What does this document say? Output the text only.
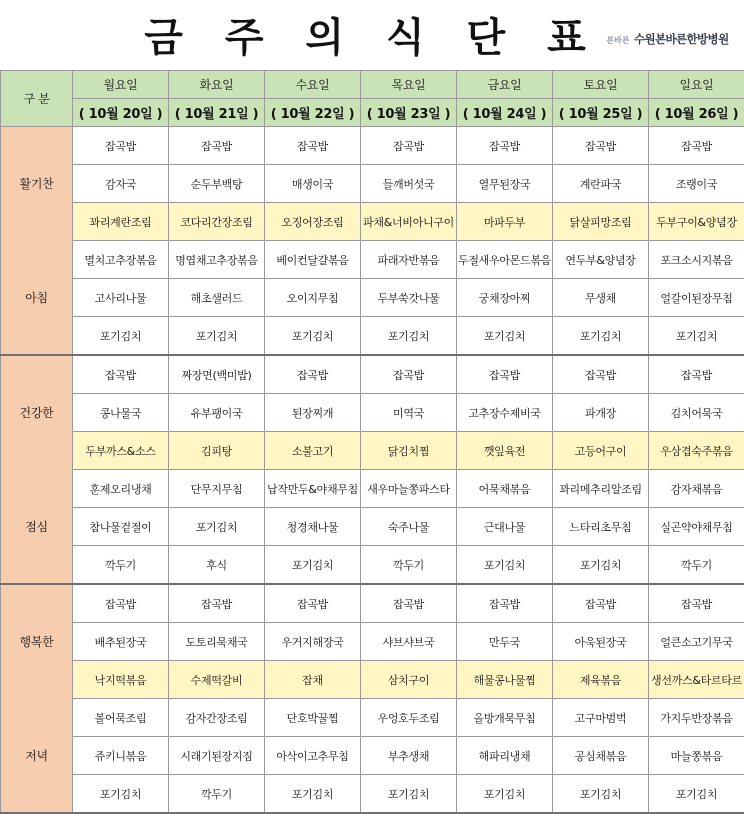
금 주 의 식 단 표 본바른 수원본바른한방병원
구 분	월요일	화요일	수요일	목요일	금요일	토요일	일요일
	( 10월 20일 )	( 10월 21일 )	( 10월 22일 )	( 10월 23일 )	( 10월 24일 )	( 10월 25일 )	( 10월 26일 )

활기찬
아침	잡곡밥	잡곡밥	잡곡밥	잡곡밥	잡곡밥	잡곡밥	잡곡밥
	감자국	순두부백탕	매생이국	들깨버섯국	열무된장국	계란파국	조랭이국
	꽈리계란조림	코다리간장조림	오징어장조림	파채&너비아니구이	마파두부	닭살피망조림	두부구이&양념장
	멸치고추장볶음	명엽채고추장볶음	베이컨달걀볶음	파래자반볶음	두절새우아몬드볶음	연두부&양념장	포크소시지볶음
	고사리나물	해초샐러드	오이지무침	두부쑥갓나물	궁채장아찌	무생채	얼갈이된장무침
	포기김치	포기김치	포기김치	포기김치	포기김치	포기김치	포기김치

건강한
점심	잡곡밥	짜장면(백미밥)	잡곡밥	잡곡밥	잡곡밥	잡곡밥	잡곡밥
	콩나물국	유부팽이국	된장찌개	미역국	고추장수제비국	파개장	김치어묵국
	두부까스&소스	김피탕	소불고기	닭김치찜	깻잎육전	고등어구이	우삼겹숙주볶음
	훈제오리냉채	단무지무침	납작만두&야채무침	새우마늘쫑파스타	어묵채볶음	꽈리메추리알조림	감자채볶음
	참나물겉절이	포기김치	청경채나물	숙주나물	근대나물	느타리초무침	실곤약야채무침
	깍두기	후식	포기김치	깍두기	포기김치	포기김치	깍두기

행복한
저녁	잡곡밥	잡곡밥	잡곡밥	잡곡밥	잡곡밥	잡곡밥	잡곡밥
	배추된장국	도토리묵채국	우거지해장국	샤브샤브국	만두국	아욱된장국	얼큰소고기무국
	낙지떡볶음	수제떡갈비	잡채	삼치구이	해물콩나물찜	제육볶음	생선까스&타르타르
	볼어묵조림	감자간장조림	단호박꿀찜	우엉호두조림	올방개묵무침	고구마범벅	가지두반장볶음
	쥬키니볶음	시래기된장지짐	아삭이고추무침	부추생채	해파리냉채	공심채볶음	마늘쫑볶음
	포기김치	깍두기	포기김치	포기김치	포기김치	포기김치	포기김치
